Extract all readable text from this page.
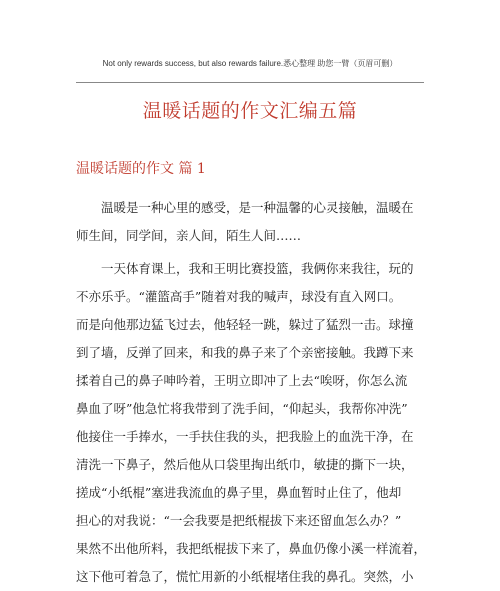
Not only rewards success, but also rewards failure.悉心整理 助您一臂（页眉可删）
温暖话题的作文汇编五篇
温暖话题的作文 篇 1
　　温暖是一种心里的感受，是一种温馨的心灵接触，温暖在
师生间，同学间，亲人间，陌生人间……
　　一天体育课上，我和王明比赛投篮，我俩你来我往，玩的
不亦乐乎。“灌篮高手”随着对我的喊声，球没有直入网口。
而是向他那边猛飞过去，他轻轻一跳，躲过了猛烈一击。球撞
到了墙，反弹了回来，和我的鼻子来了个亲密接触。我蹲下来
揉着自己的鼻子呻吟着，王明立即冲了上去“唉呀，你怎么流
鼻血了呀”他急忙将我带到了洗手间，“仰起头，我帮你冲洗”
他接住一手捧水，一手扶住我的头，把我脸上的血洗干净，在
清洗一下鼻子，然后他从口袋里掏出纸巾，敏捷的撕下一块，
搓成“小纸棍”塞进我流血的鼻子里，鼻血暂时止住了，他却
担心的对我说：“一会我要是把纸棍拔下来还留血怎么办？”
果然不出他所料，我把纸棍拔下来了，鼻血仍像小溪一样流着，
这下他可着急了，慌忙用新的小纸棍堵住我的鼻孔。突然，小
